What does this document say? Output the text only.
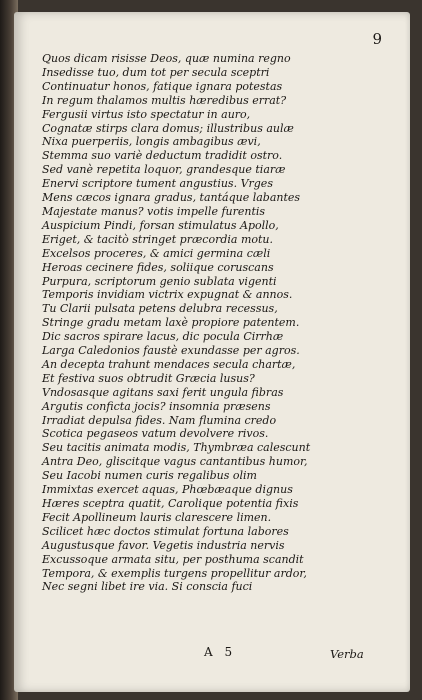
9
Quos dicam risisse Deos, quæ numina regno
Insedisse tuo, dum tot per secula sceptri
Continuatur honos, fatique ignara potestas
In regum thalamos multis hæredibus errat?
Fergusii virtus isto spectatur in auro,
Cognatæ stirps clara domus; illustribus aulæ
Nixa puerperiis, longis ambagibus ævi,
Stemma suo variè deductum tradidit ostro.
Sed vanè repetita loquor, grandesque tiaræ
Enervi scriptore tument angustius. Vrges
Mens cæcos ignara gradus, tantáque labantes
Majestate manus? votis impelle furentis
Auspicium Pindi, forsan stimulatus Apollo,
Eriget, & tacitò stringet præcordia motu.
Excelsos proceres, & amici germina cæli
Heroas cecinere fides, soliique coruscans
Purpura, scriptorum genio sublata vigenti
Temporis invidiam victrix expugnat & annos.
Tu Clarii pulsata petens delubra recessus,
Stringe gradu metam laxè propiore patentem.
Dic sacros spirare lacus, dic pocula Cirrhæ
Larga Caledonios faustè exundasse per agros.
An decepta trahunt mendaces secula chartæ,
Et festiva suos obtrudit Græcia lusus?
Vndosasque agitans saxi ferit ungula fibras
Argutis conficta jocis? insomnia præsens
Irradiat depulsa fides. Nam flumina credo
Scotica pegaseos vatum devolvere rivos.
Seu tacitis animata modis, Thymbræa calescunt
Antra Deo, gliscitque vagus cantantibus humor,
Seu Iacobi numen curis regalibus olim
Immixtas exercet aquas, Phœbæaque dignus
Hæres sceptra quatit, Carolique potentia fixis
Fecit Apollineum lauris clarescere limen.
Scilicet hæc doctos stimulat fortuna labores
Augustusque favor. Vegetis industria nervis
Excussoque armata situ, per posthuma scandit
Tempora, & exemplis turgens propellitur ardor,
Nec segni libet ire via. Si conscia fuci
A 5	Verba
